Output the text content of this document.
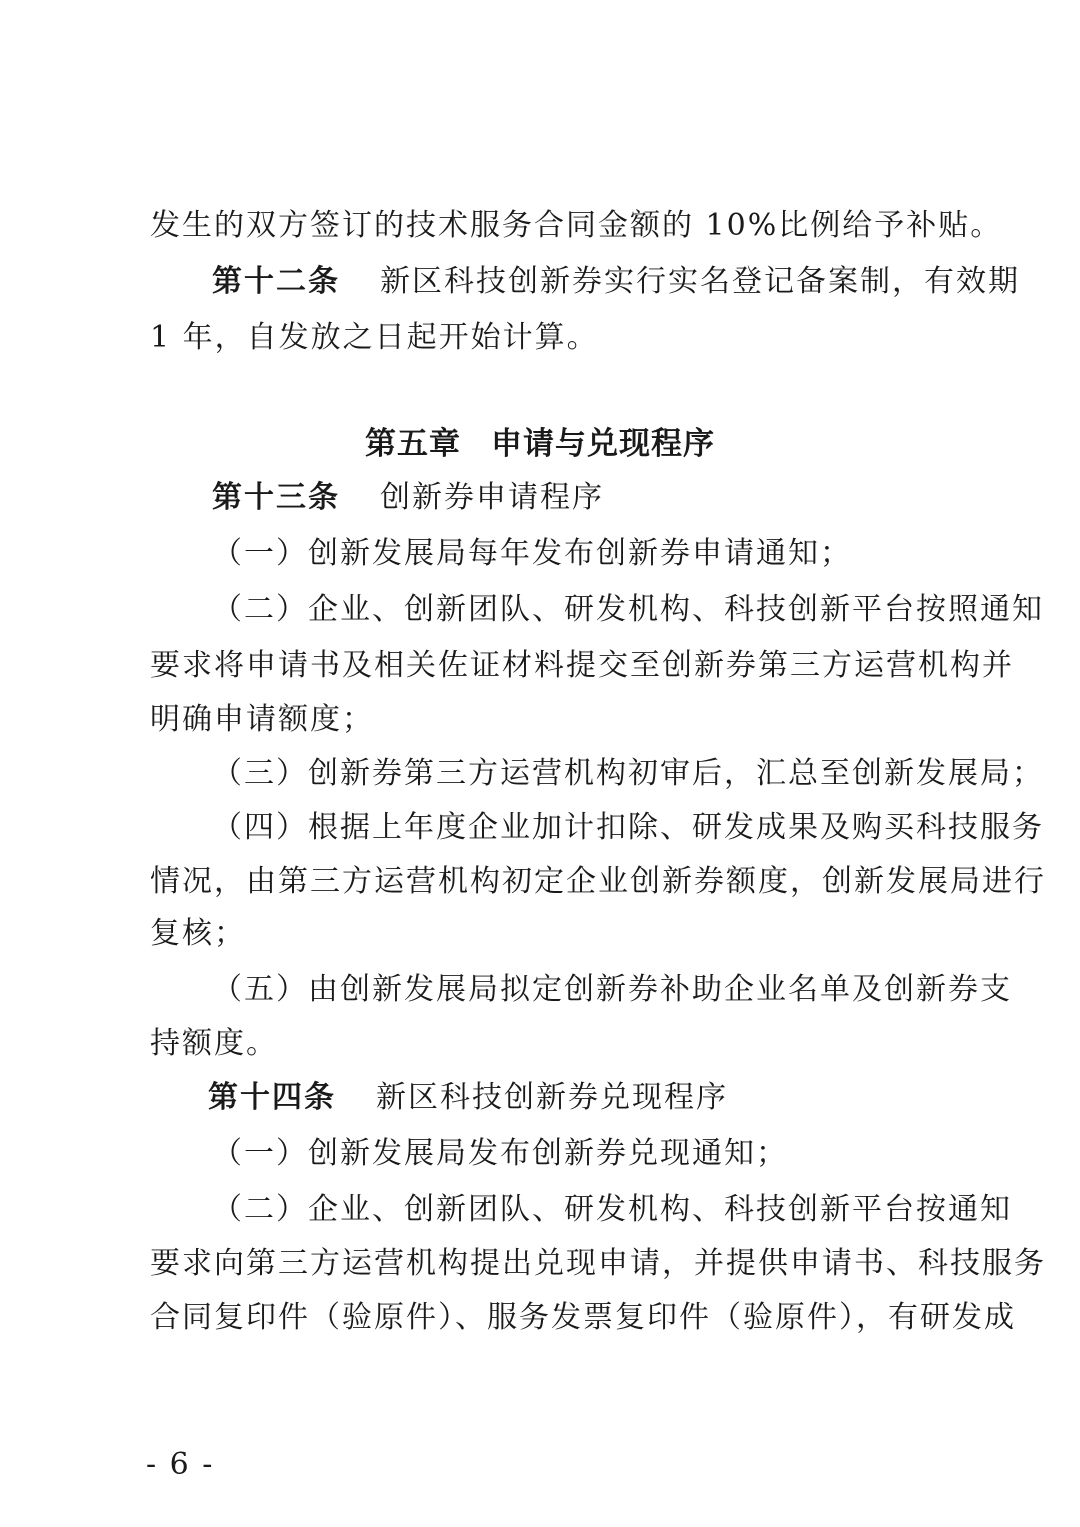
发生的双方签订的技术服务合同金额的 10%比例给予补贴。
第十二条 新区科技创新券实行实名登记备案制，有效期
1 年，自发放之日起开始计算。
第五章 申请与兑现程序
第十三条 创新券申请程序
（一）创新发展局每年发布创新券申请通知；
（二）企业、创新团队、研发机构、科技创新平台按照通知
要求将申请书及相关佐证材料提交至创新券第三方运营机构并
明确申请额度；
（三）创新券第三方运营机构初审后，汇总至创新发展局；
（四）根据上年度企业加计扣除、研发成果及购买科技服务
情况，由第三方运营机构初定企业创新券额度，创新发展局进行
复核；
（五）由创新发展局拟定创新券补助企业名单及创新券支
持额度。
第十四条 新区科技创新券兑现程序
（一）创新发展局发布创新券兑现通知；
（二）企业、创新团队、研发机构、科技创新平台按通知
要求向第三方运营机构提出兑现申请，并提供申请书、科技服务
合同复印件（验原件）、服务发票复印件（验原件），有研发成
- 6 -
